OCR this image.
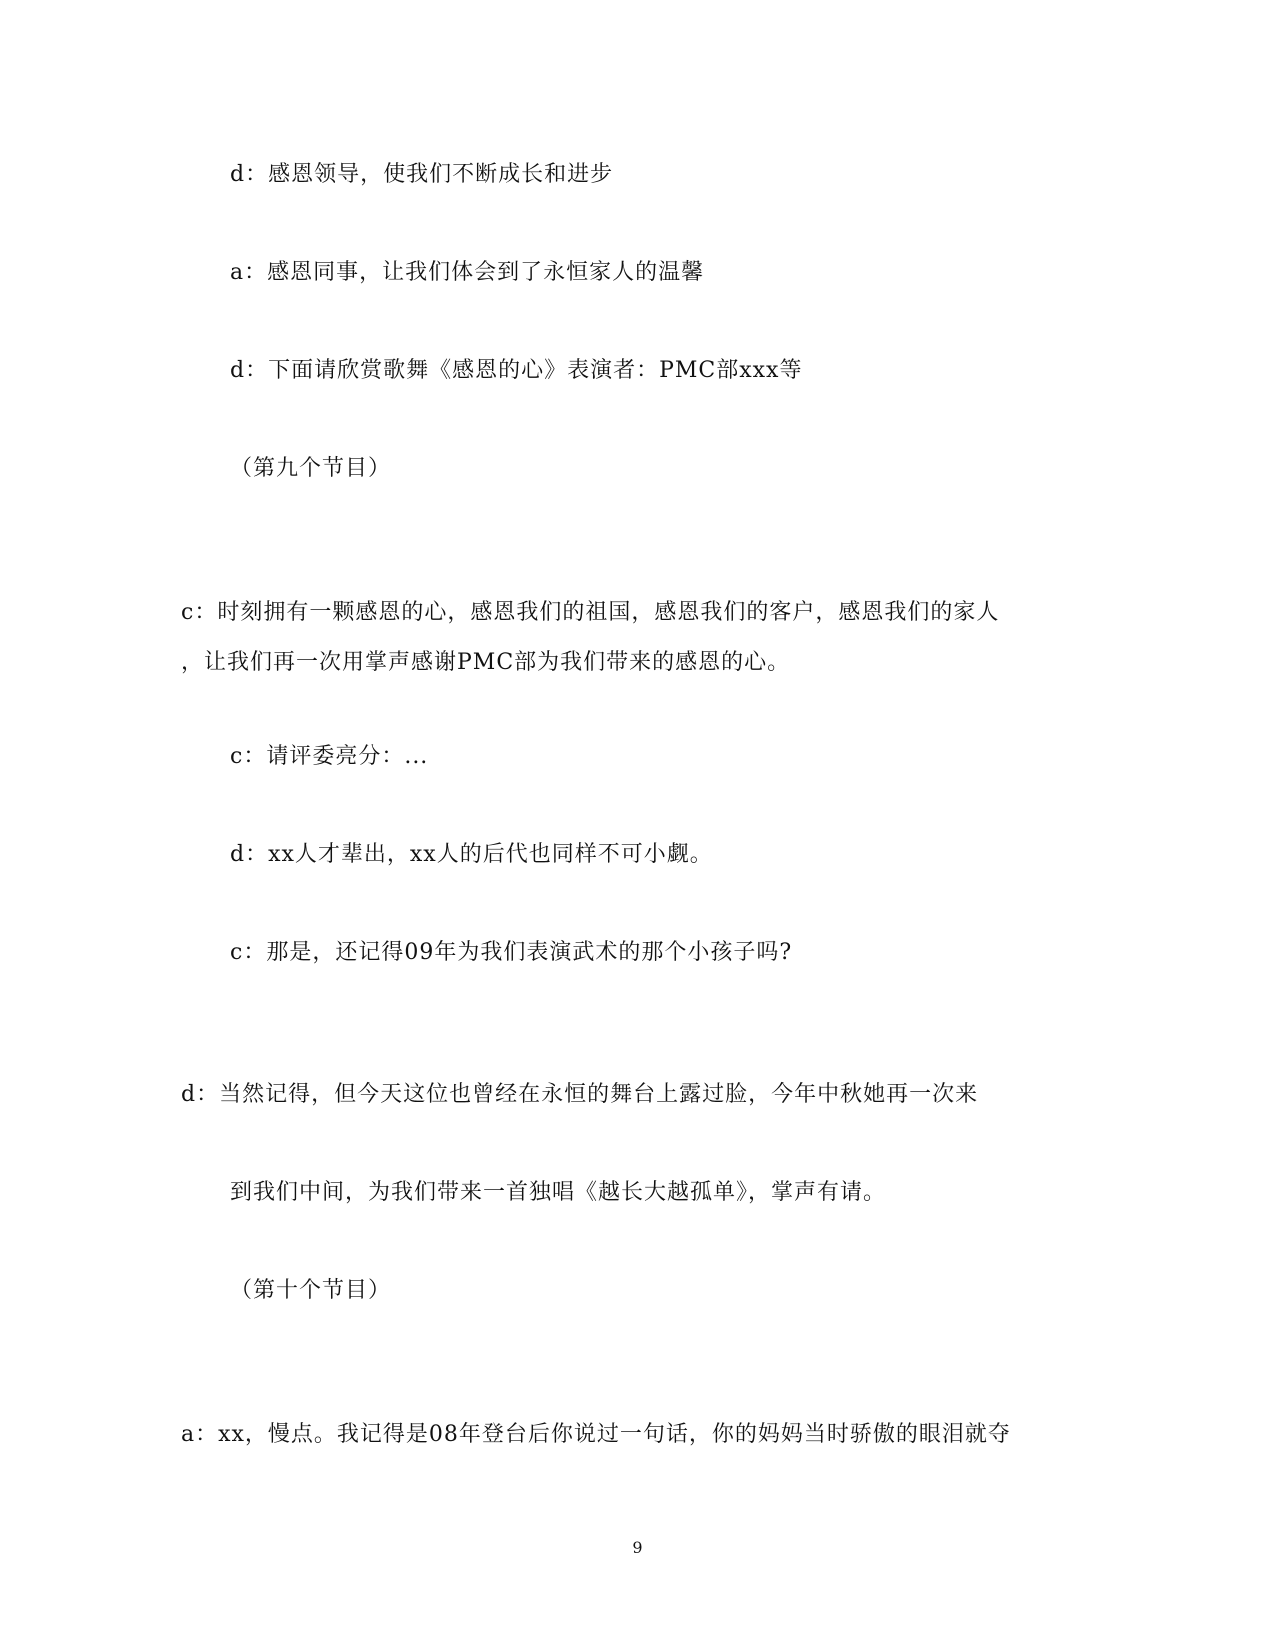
d：感恩领导，使我们不断成长和进步
a：感恩同事，让我们体会到了永恒家人的温馨
d：下面请欣赏歌舞《感恩的心》表演者：PMC部xxx等
（第九个节目）
c：时刻拥有一颗感恩的心，感恩我们的祖国，感恩我们的客户，感恩我们的家人
，让我们再一次用掌声感谢PMC部为我们带来的感恩的心。
c：请评委亮分：...
d：xx人才辈出，xx人的后代也同样不可小觑。
c：那是，还记得09年为我们表演武术的那个小孩子吗?
d：当然记得，但今天这位也曾经在永恒的舞台上露过脸，今年中秋她再一次来
到我们中间，为我们带来一首独唱《越长大越孤单》，掌声有请。
（第十个节目）
a：xx，慢点。我记得是08年登台后你说过一句话，你的妈妈当时骄傲的眼泪就夺
9
